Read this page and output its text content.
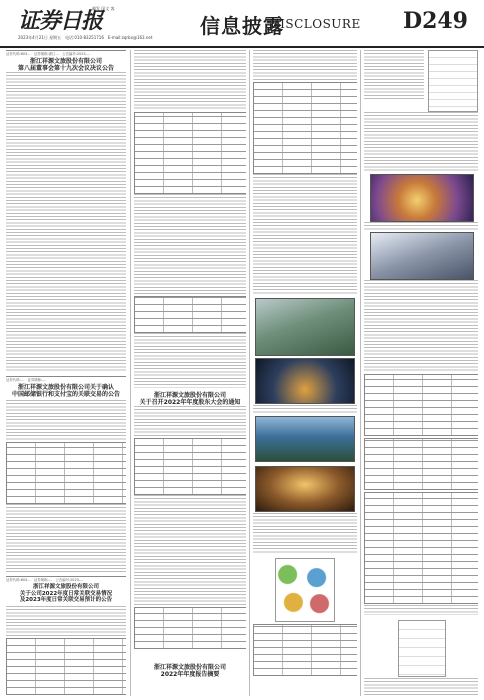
证券日报
邮发 国文 客
2023年4月21日 星期五　电话:010-83251716　E-mail:zqrbx@163.net 信息披露
DISCLOSURE D249
证券代码:603…　证券简称:浙江…　公告编号:2023-…
浙江祥源文旅股份有限公司
第八届董事会第十九次会议决议公告
证券代码:…　证券简称:…
浙江祥源文旅股份有限公司关于确认
中国邮储银行和支付宝的关联交易的公告
证券代码:603…　证券简称:…　公告编号:2023-…
浙江祥源文旅股份有限公司
关于公司2022年度日常关联交易情况
及2023年度日常关联交易预计的公告
浙江祥源文旅股份有限公司
关于召开2022年年度股东大会的通知
浙江祥源文旅股份有限公司
2022年年度报告摘要
